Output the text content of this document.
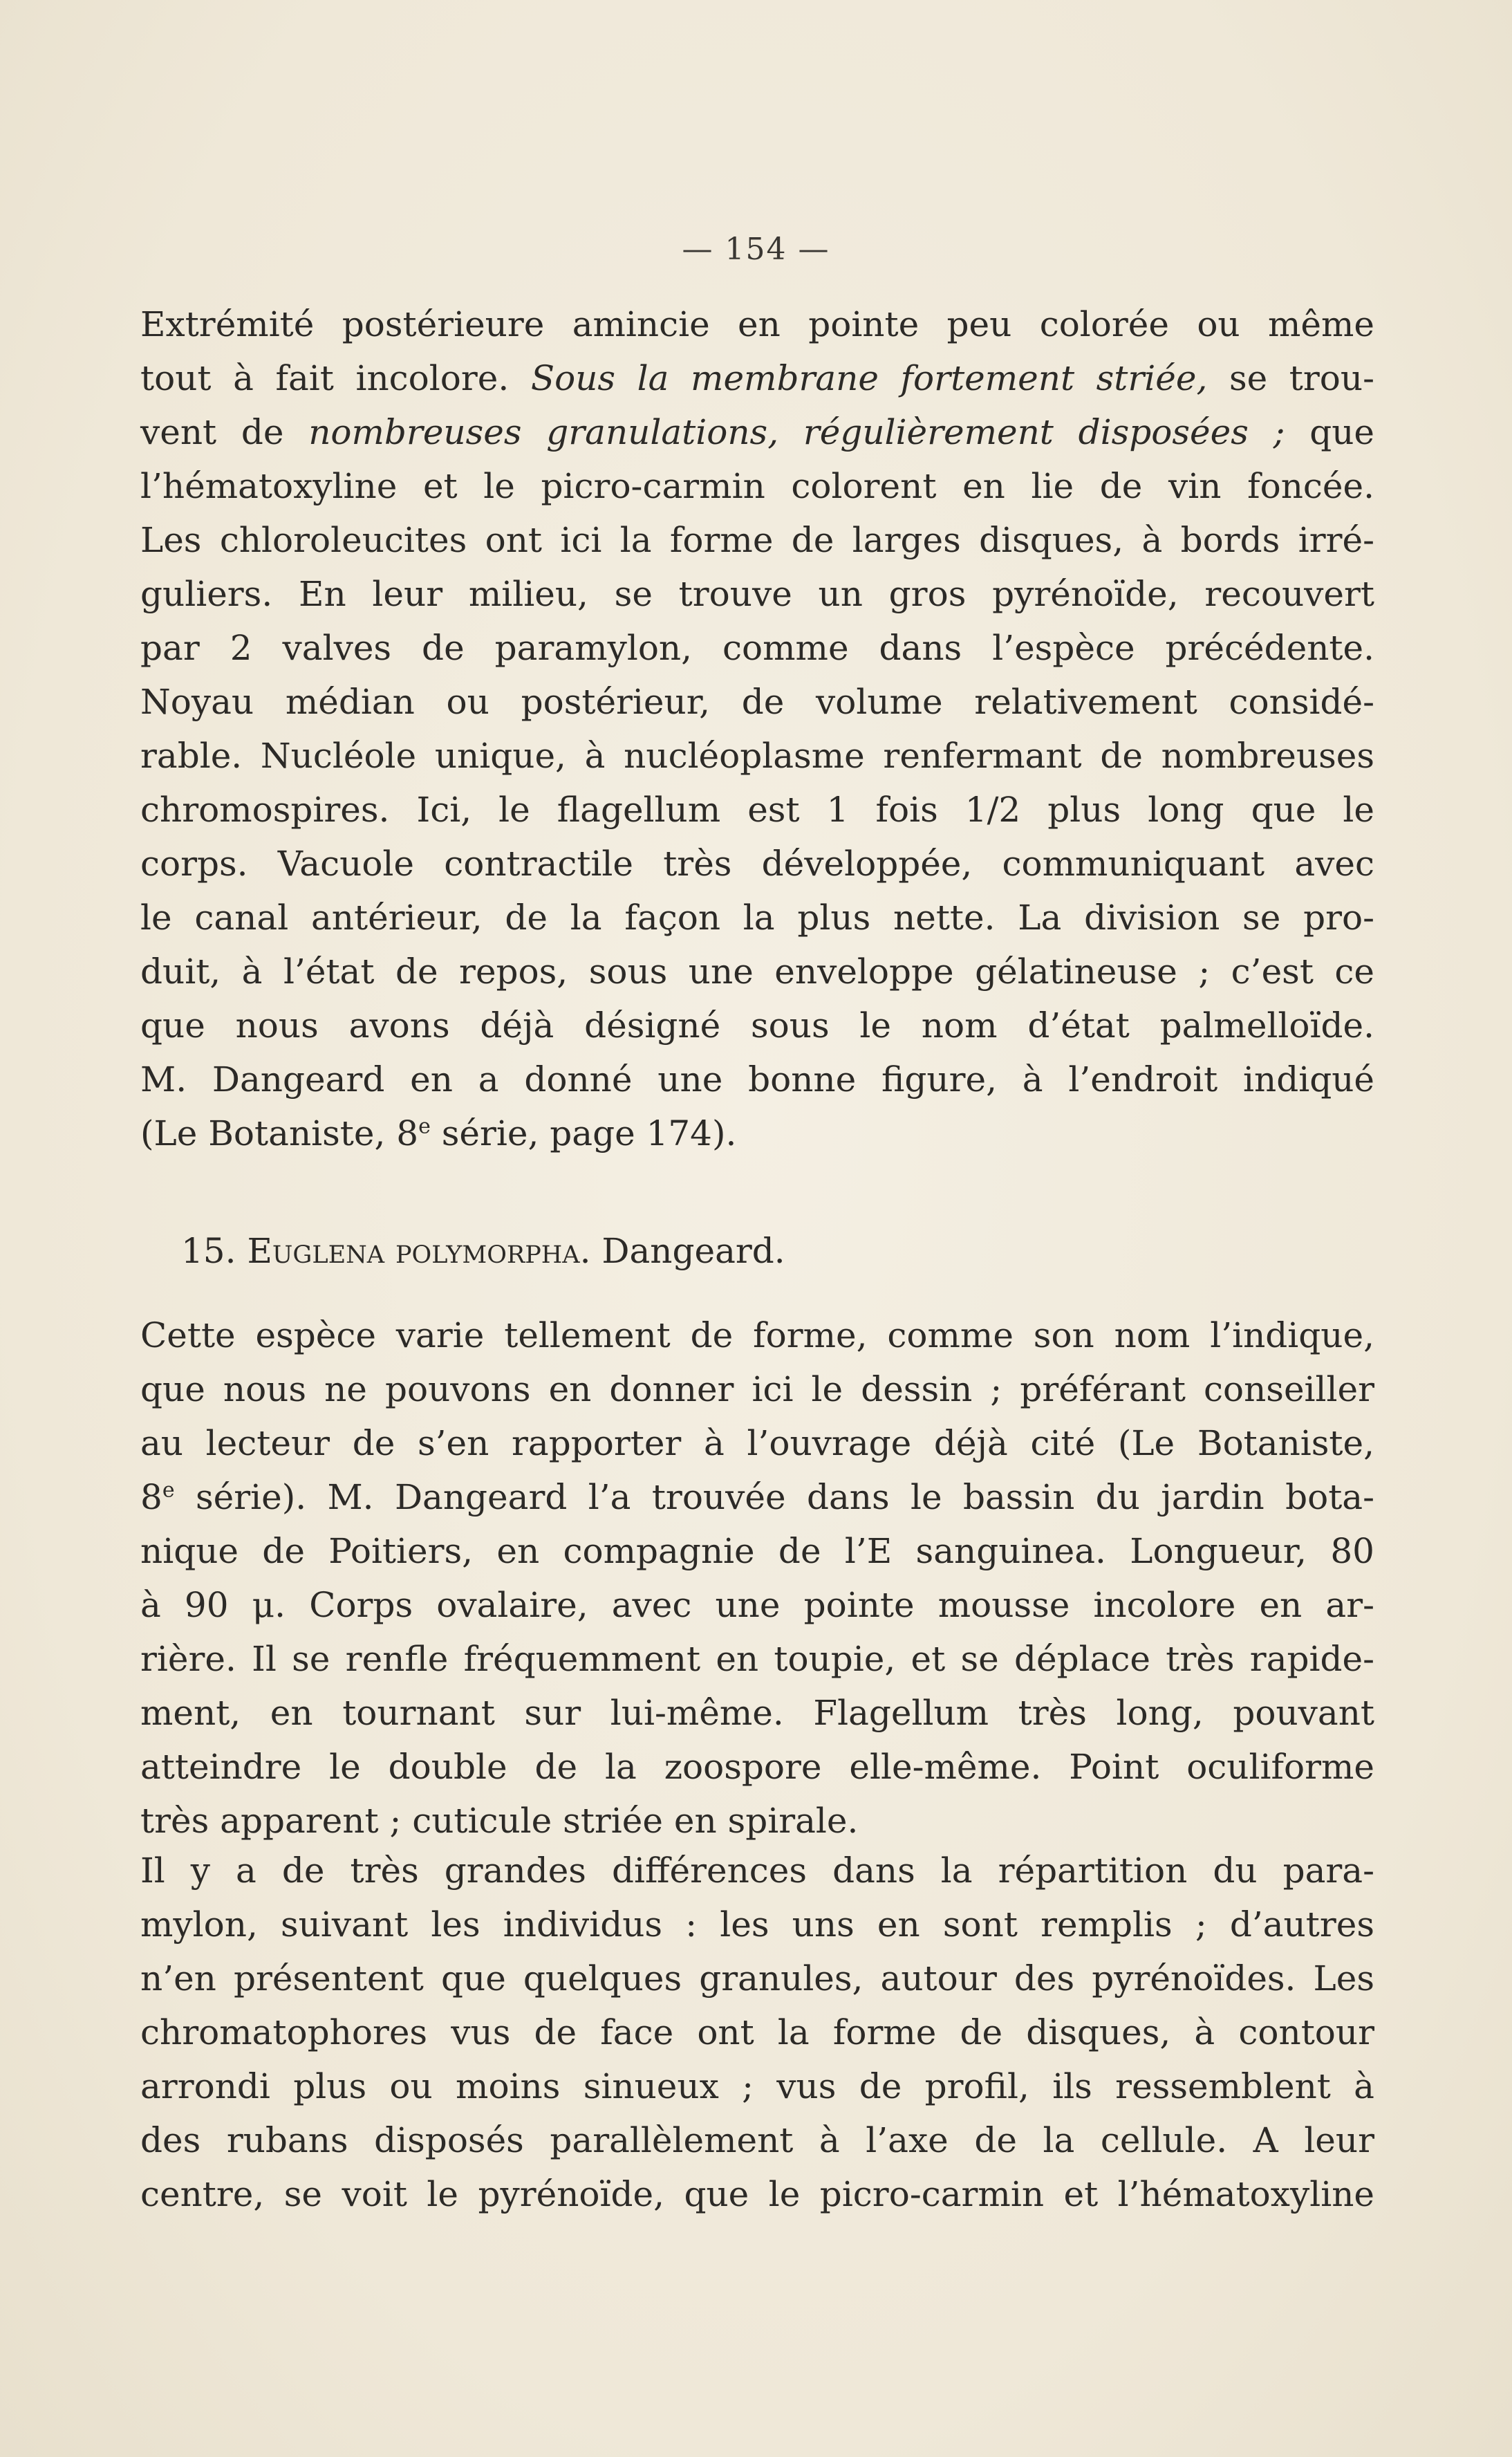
— 154 —
Extrémité postérieure amincie en pointe peu colorée ou même
tout à fait incolore. Sous la membrane fortement striée, se trou-
vent de nombreuses granulations, régulièrement disposées ; que
l’hématoxyline et le picro-carmin colorent en lie de vin foncée.
Les chloroleucites ont ici la forme de larges disques, à bords irré-
guliers. En leur milieu, se trouve un gros pyrénoïde, recouvert
par 2 valves de paramylon, comme dans l’espèce précédente.
Noyau médian ou postérieur, de volume relativement considé-
rable. Nucléole unique, à nucléoplasme renfermant de nombreuses
chromospires. Ici, le flagellum est 1 fois 1/2 plus long que le
corps. Vacuole contractile très développée, communiquant avec
le canal antérieur, de la façon la plus nette. La division se pro-
duit, à l’état de repos, sous une enveloppe gélatineuse ; c’est ce
que nous avons déjà désigné sous le nom d’état palmelloïde.
M. Dangeard en a donné une bonne figure, à l’endroit indiqué
(Le Botaniste, 8e série, page 174).
15. Euglena polymorpha. Dangeard.
Cette espèce varie tellement de forme, comme son nom l’indique,
que nous ne pouvons en donner ici le dessin ; préférant conseiller
au lecteur de s’en rapporter à l’ouvrage déjà cité (Le Botaniste,
8e série). M. Dangeard l’a trouvée dans le bassin du jardin bota-
nique de Poitiers, en compagnie de l’E sanguinea. Longueur, 80
à 90 μ. Corps ovalaire, avec une pointe mousse incolore en ar-
rière. Il se renfle fréquemment en toupie, et se déplace très rapide-
ment, en tournant sur lui-même. Flagellum très long, pouvant
atteindre le double de la zoospore elle-même. Point oculiforme
très apparent ; cuticule striée en spirale.
Il y a de très grandes différences dans la répartition du para-
mylon, suivant les individus : les uns en sont remplis ; d’autres
n’en présentent que quelques granules, autour des pyrénoïdes. Les
chromatophores vus de face ont la forme de disques, à contour
arrondi plus ou moins sinueux ; vus de profil, ils ressemblent à
des rubans disposés parallèlement à l’axe de la cellule. A leur
centre, se voit le pyrénoïde, que le picro-carmin et l’hématoxyline
